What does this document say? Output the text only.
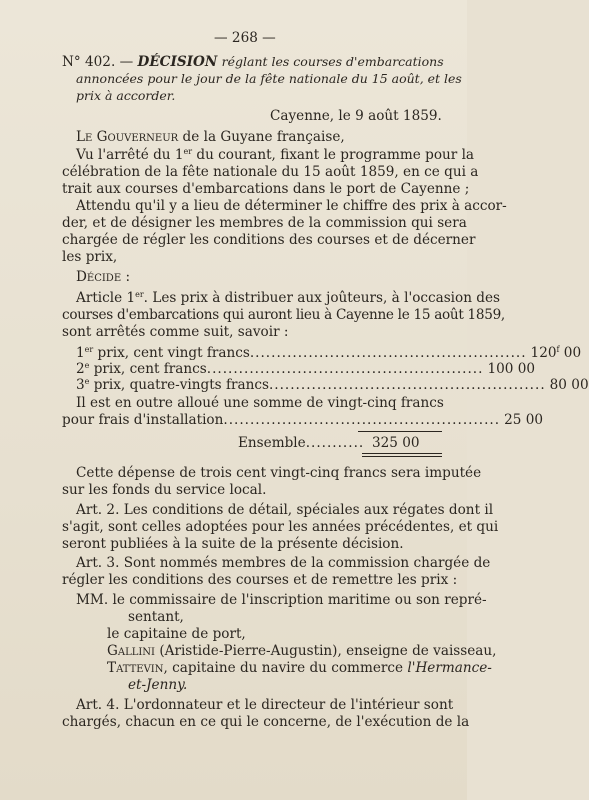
— 268 —
N° 402. — DÉCISION réglant les courses d'embarcations
annoncées pour le jour de la fête nationale du 15 août, et les
prix à accorder.
Cayenne, le 9 août 1859.
Le Gouverneur de la Guyane française,
Vu l'arrêté du 1er du courant, fixant le programme pour la
célébration de la fête nationale du 15 août 1859, en ce qui a
trait aux courses d'embarcations dans le port de Cayenne ;
Attendu qu'il y a lieu de déterminer le chiffre des prix à accor-
der, et de désigner les membres de la commission qui sera
chargée de régler les conditions des courses et de décerner
les prix,
Décide :
Article 1er. Les prix à distribuer aux joûteurs, à l'occasion des
courses d'embarcations qui auront lieu à Cayenne le 15 août 1859,
sont arrêtés comme suit, savoir :
1er prix, cent vingt francs .................................................... 120$^f$ 00
2e prix, cent francs .................................................... 100 00
3e prix, quatre-vingts francs .................................................... 80 00
Il est en outre alloué une somme de vingt-cinq francs
pour frais d'installation .................................................... 25 00
Ensemble........... 325 00
Cette dépense de trois cent vingt-cinq francs sera imputée
sur les fonds du service local.
Art. 2. Les conditions de détail, spéciales aux régates dont il
s'agit, sont celles adoptées pour les années précédentes, et qui
seront publiées à la suite de la présente décision.
Art. 3. Sont nommés membres de la commission chargée de
régler les conditions des courses et de remettre les prix :
MM. le commissaire de l'inscription maritime ou son repré-
sentant,
le capitaine de port,
Gallini (Aristide-Pierre-Augustin), enseigne de vaisseau,
Tattevin, capitaine du navire du commerce l'Hermance-
et-Jenny.
Art. 4. L'ordonnateur et le directeur de l'intérieur sont
chargés, chacun en ce qui le concerne, de l'exécution de la
